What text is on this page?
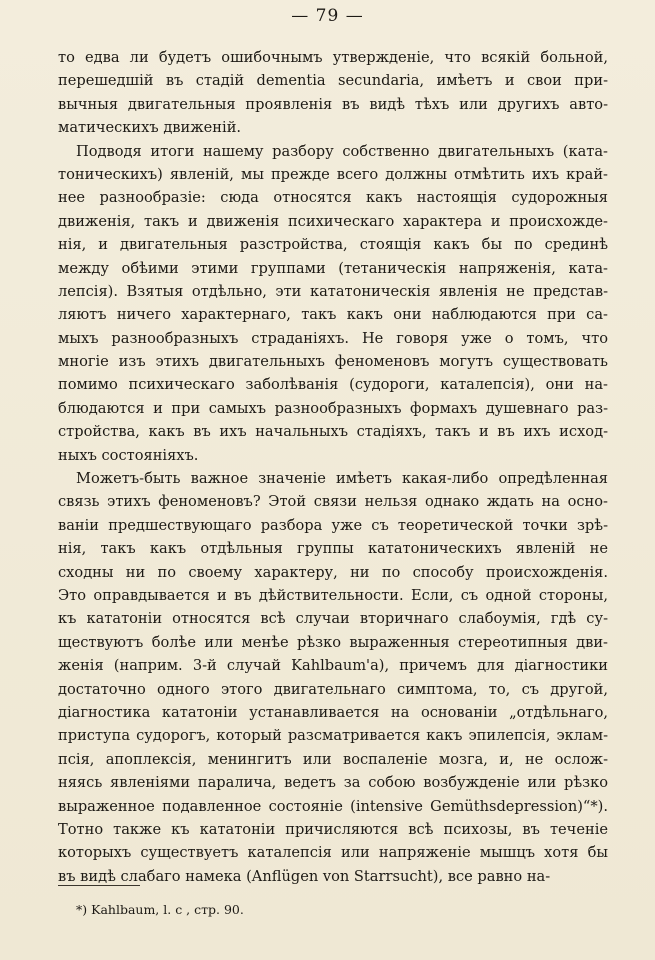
— 79 —
то едва ли будетъ ошибочнымъ утвержденіе, что всякій больной,
перешедшій въ стадій dementia secundaria, имѣетъ и свои при-
вычныя двигательныя проявленія въ видѣ тѣхъ или другихъ авто-
матическихъ движеній.
Подводя итоги нашему разбору собственно двигательныхъ (ката-
тоническихъ) явленій, мы прежде всего должны отмѣтить ихъ край-
нее разнообразіе: сюда относятся какъ настоящія судорожныя
движенія, такъ и движенія психическаго характера и происхожде-
нія, и двигательныя разстройства, стоящія какъ бы по срединѣ
между обѣими этими группами (тетаническія напряженія, ката-
лепсія). Взятыя отдѣльно, эти кататоническія явленія не представ-
ляютъ ничего характернаго, такъ какъ они наблюдаются при са-
мыхъ разнообразныхъ страданіяхъ. Не говоря уже о томъ, что
многіе изъ этихъ двигательныхъ феноменовъ могутъ существовать
помимо психическаго заболѣванія (судороги, каталепсія), они на-
блюдаются и при самыхъ разнообразныхъ формахъ душевнаго раз-
стройства, какъ въ ихъ начальныхъ стадіяхъ, такъ и въ ихъ исход-
ныхъ состояніяхъ.
Можетъ-быть важное значеніе имѣетъ какая-либо опредѣленная
связь этихъ феноменовъ? Этой связи нельзя однако ждать на осно-
ваніи предшествующаго разбора уже съ теоретической точки зрѣ-
нія, такъ какъ отдѣльныя группы кататоническихъ явленій не
сходны ни по своему характеру, ни по способу происхожденія.
Это оправдывается и въ дѣйствительности. Если, съ одной стороны,
къ кататоніи относятся всѣ случаи вторичнаго слабоумія, гдѣ су-
ществуютъ болѣе или менѣе рѣзко выраженныя стереотипныя дви-
женія (наприм. 3-й случай Kahlbaum'a), причемъ для діагностики
достаточно одного этого двигательнаго симптома, то, съ другой,
діагностика кататоніи устанавливается на основаніи „отдѣльнаго,
приступа судорогъ, который разсматривается какъ эпилепсія, эклам-
псія, апоплексія, менингитъ или воспаленіе мозга, и, не ослож-
няясь явленіями паралича, ведетъ за собою возбужденіе или рѣзко
выраженное подавленное состояніе (intensive Gemüthsdepression)“*).
Тотно также къ кататоніи причисляются всѣ психозы, въ теченіе
которыхъ существуетъ каталепсія или напряженіе мышцъ хотя бы
въ видѣ слабаго намека (Anflügen von Starrsucht), все равно на-
*) Kahlbaum, l. c , стр. 90.
